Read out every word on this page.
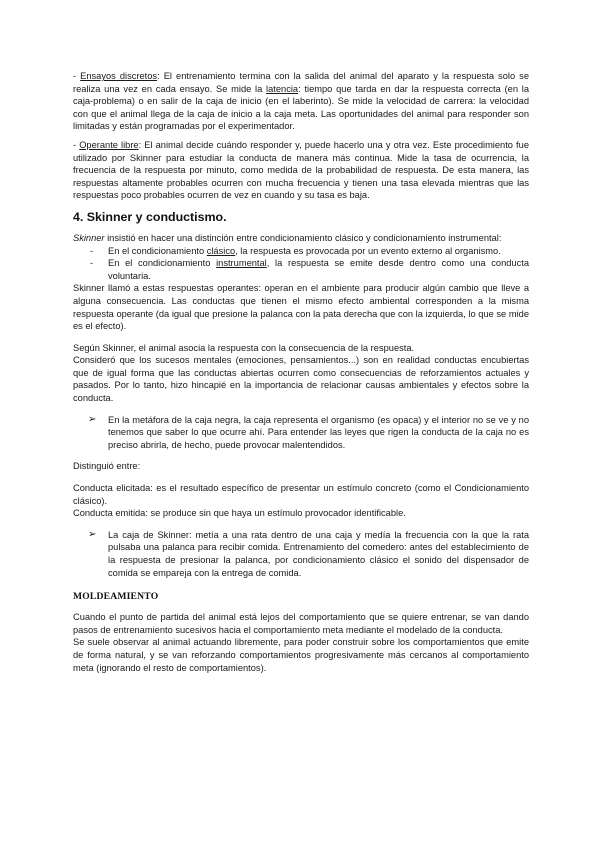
- Ensayos discretos: El entrenamiento termina con la salida del animal del aparato y la respuesta solo se realiza una vez en cada ensayo. Se mide la latencia: tiempo que tarda en dar la respuesta correcta (en la caja-problema) o en salir de la caja de inicio (en el laberinto). Se mide la velocidad de carrera: la velocidad con que el animal llega de la caja de inicio a la caja meta. Las oportunidades del animal para responder son limitadas y están programadas por el experimentador.

- Operante libre: El animal decide cuándo responder y, puede hacerlo una y otra vez. Este procedimiento fue utilizado por Skinner para estudiar la conducta de manera más continua. Mide la tasa de ocurrencia, la frecuencia de la respuesta por minuto, como medida de la probabilidad de respuesta. De esta manera, las respuestas altamente probables ocurren con mucha frecuencia y tienen una tasa elevada mientras que las respuestas poco probables ocurren de vez en cuando y su tasa es baja.

4. Skinner y conductismo.

Skinner insistió en hacer una distinción entre condicionamiento clásico y condicionamiento instrumental:

- En el condicionamiento clásico, la respuesta es provocada por un evento externo al organismo.
- En el condicionamiento instrumental, la respuesta se emite desde dentro como una conducta voluntaria.

Skinner llamó a estas respuestas operantes: operan en el ambiente para producir algún cambio que lleve a alguna consecuencia. Las conductas que tienen el mismo efecto ambiental corresponden a la misma respuesta operante (da igual que presione la palanca con la pata derecha que con la izquierda, lo que se mide es el efecto).

Según Skinner, el animal asocia la respuesta con la consecuencia de la respuesta.

Consideró que los sucesos mentales (emociones, pensamientos...) son en realidad conductas encubiertas que de igual forma que las conductas abiertas ocurren como consecuencias de reforzamientos actuales y pasados. Por lo tanto, hizo hincapié en la importancia de relacionar causas ambientales y efectos sobre la conducta.

➢ En la metáfora de la caja negra, la caja representa el organismo (es opaca) y el interior no se ve y no tenemos que saber lo que ocurre ahí. Para entender las leyes que rigen la conducta de la caja no es preciso abrirla, de hecho, puede provocar malentendidos.

Distinguió entre:

Conducta elicitada: es el resultado específico de presentar un estímulo concreto (como el Condicionamiento clásico).

Conducta emitida: se produce sin que haya un estímulo provocador identificable.

➢ La caja de Skinner: metía a una rata dentro de una caja y medía la frecuencia con la que la rata pulsaba una palanca para recibir comida. Entrenamiento del comedero: antes del establecimiento de la respuesta de presionar la palanca, por condicionamiento clásico el sonido del dispensador de comida se empareja con la entrega de comida.
MOLDEAMIENTO

Cuando el punto de partida del animal está lejos del comportamiento que se quiere entrenar, se van dando pasos de entrenamiento sucesivos hacia el comportamiento meta mediante el modelado de la conducta.

Se suele observar al animal actuando libremente, para poder construir sobre los comportamientos que emite de forma natural, y se van reforzando comportamientos progresivamente más cercanos al comportamiento meta (ignorando el resto de comportamientos).
